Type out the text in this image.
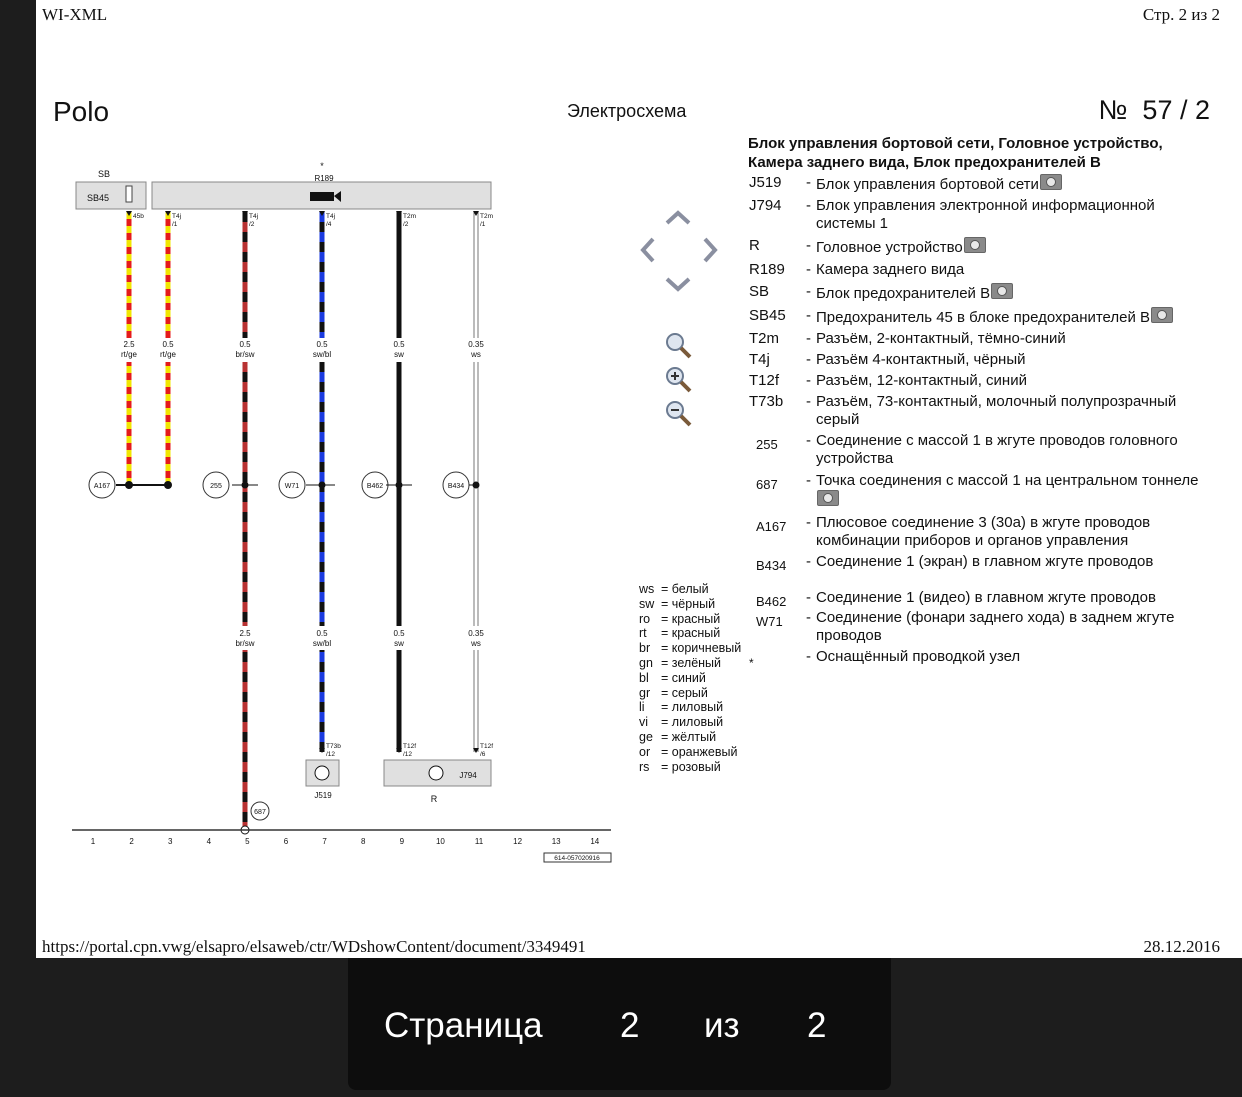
WI-XML	Стр. 2 из 2
Polo	Электросхема	№  57 / 2
SB
SB45
R189
*
45b
2.5
rt/ge
T4j
/1
0.5
rt/ge
T4j
/2
0.5
br/sw
2.5
br/sw
T4j
/4
0.5
sw/bl
0.5
sw/bl
T73b
/12
T2m
/2
0.5
sw
0.5
sw
T12f
/12
T2m
/1
0.35
ws
0.35
ws
T12f
/6
A167	255	W71	B462	B434
J519
J794
R
687
1	2	3	4	5	6	7	8	9	10	11	12	13	14
614-057020916
ws = белый
sw = чёрный
ro = красный
rt = красный
br = коричневый
gn = зелёный
bl = синий
gr = серый
li = лиловый
vi = лиловый
ge = жёлтый
or = оранжевый
rs = розовый
Блок управления бортовой сети, Головное устройство, Камера заднего вида, Блок предохранителей B
J519 - Блок управления бортовой сети
J794 - Блок управления электронной информационной системы 1
R	- Головное устройство
R189 - Камера заднего вида
SB - Блок предохранителей B
SB45 - Предохранитель 45 в блоке предохранителей B
T2m - Разъём, 2-контактный, тёмно-синий
T4j - Разъём 4-контактный, чёрный
T12f - Разъём, 12-контактный, синий
T73b - Разъём, 73-контактный, молочный полупрозрачный серый
255 - Соединение с массой 1 в жгуте проводов головного устройства
687 - Точка соединения с массой 1 на центральном тоннеле
A167 - Плюсовое соединение 3 (30a) в жгуте проводов комбинации приборов и органов управления
B434 - Соединение 1 (экран) в главном жгуте проводов
B462 - Соединение 1 (видео) в главном жгуте проводов
W71 - Соединение (фонари заднего хода) в заднем жгуте проводов
*	- Оснащённый проводкой узел
https://portal.cpn.vwg/elsapro/elsaweb/ctr/WDshowContent/document/3349491	28.12.2016
Страница 2 из 2
